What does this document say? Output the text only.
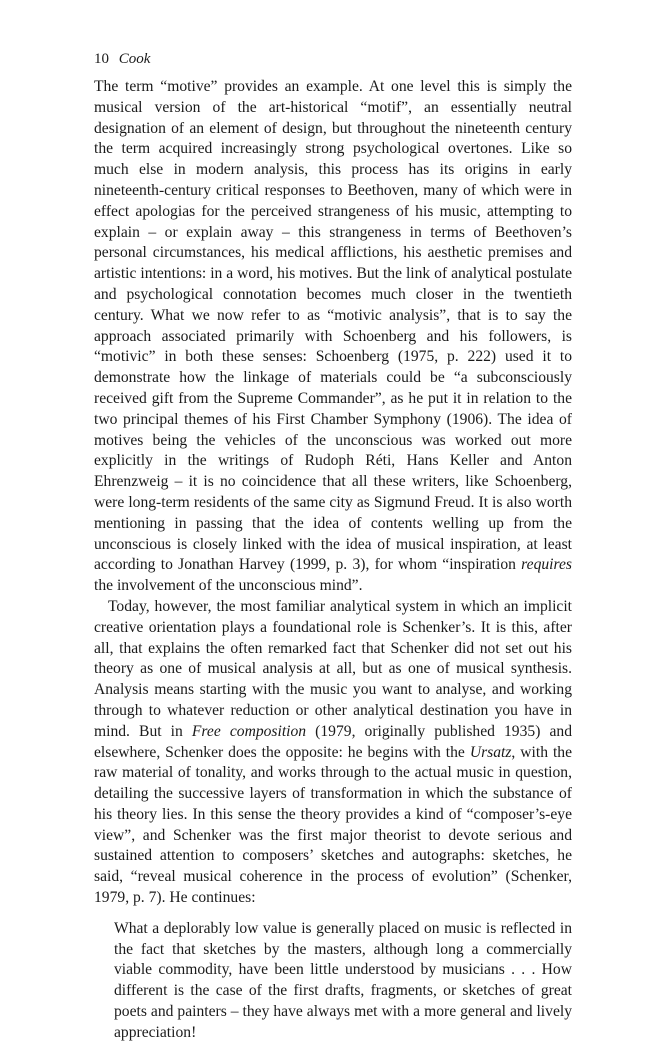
10 Cook

The term “motive” provides an example. At one level this is simply the musical version of the art-historical “motif”, an essentially neutral designation of an element of design, but throughout the nineteenth century the term acquired increasingly strong psychological overtones. Like so much else in modern analysis, this process has its origins in early nineteenth-century critical responses to Beethoven, many of which were in effect apologias for the perceived strangeness of his music, attempting to explain – or explain away – this strangeness in terms of Beethoven’s personal circumstances, his medical afflictions, his aesthetic premises and artistic intentions: in a word, his motives. But the link of analytical postulate and psychological connotation becomes much closer in the twentieth century. What we now refer to as “motivic analysis”, that is to say the approach associated primarily with Schoenberg and his followers, is “motivic” in both these senses: Schoenberg (1975, p. 222) used it to demonstrate how the linkage of materials could be “a subconsciously received gift from the Supreme Commander”, as he put it in relation to the two principal themes of his First Chamber Symphony (1906). The idea of motives being the vehicles of the unconscious was worked out more explicitly in the writings of Rudoph Réti, Hans Keller and Anton Ehrenzweig – it is no coincidence that all these writers, like Schoenberg, were long-term residents of the same city as Sigmund Freud. It is also worth mentioning in passing that the idea of contents welling up from the unconscious is closely linked with the idea of musical inspiration, at least according to Jonathan Harvey (1999, p. 3), for whom “inspiration requires the involvement of the unconscious mind”.

Today, however, the most familiar analytical system in which an implicit creative orientation plays a foundational role is Schenker’s. It is this, after all, that explains the often remarked fact that Schenker did not set out his theory as one of musical analysis at all, but as one of musical synthesis. Analysis means starting with the music you want to analyse, and working through to whatever reduction or other analytical destination you have in mind. But in Free composition (1979, originally published 1935) and elsewhere, Schenker does the opposite: he begins with the Ursatz, with the raw material of tonality, and works through to the actual music in question, detailing the successive layers of transformation in which the substance of his theory lies. In this sense the theory provides a kind of “composer’s-eye view”, and Schenker was the first major theorist to devote serious and sustained attention to composers’ sketches and autographs: sketches, he said, “reveal musical coherence in the process of evolution” (Schenker, 1979, p. 7). He continues:

What a deplorably low value is generally placed on music is reflected in the fact that sketches by the masters, although long a commercially viable commodity, have been little understood by musicians . . . How different is the case of the first drafts, fragments, or sketches of great poets and painters – they have always met with a more general and lively appreciation!
